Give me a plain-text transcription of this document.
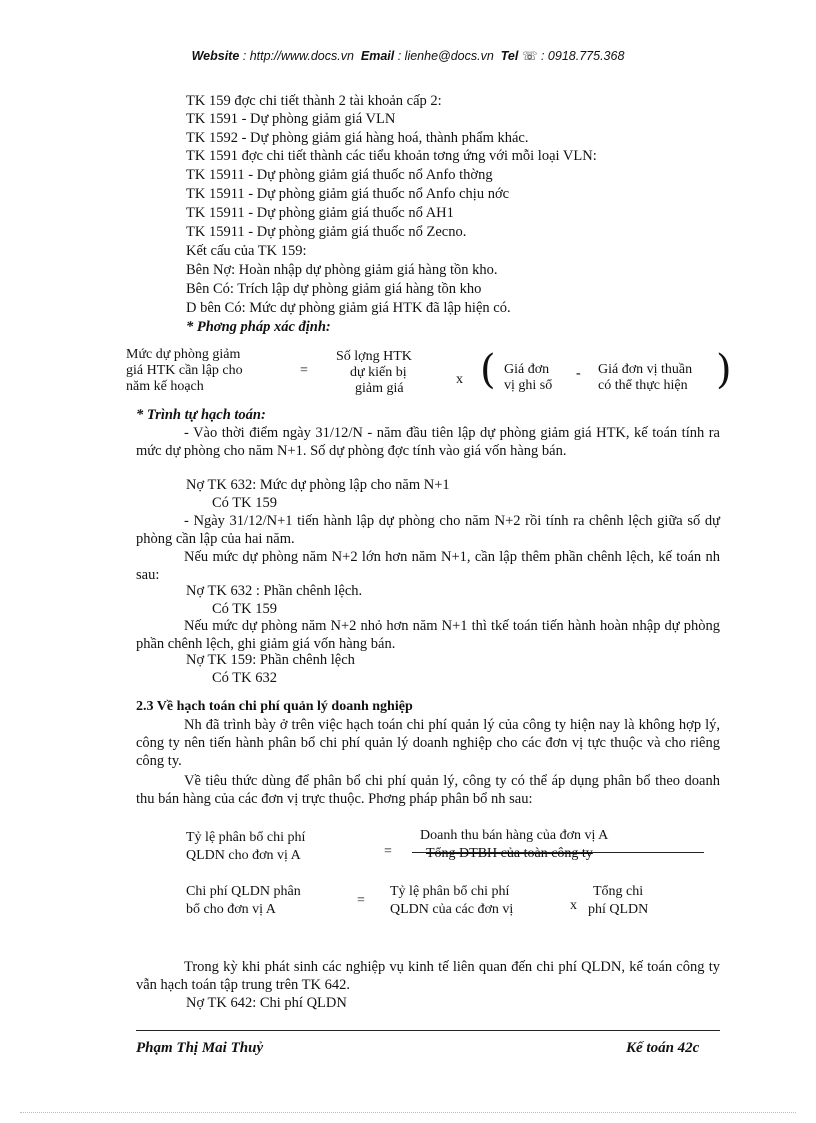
Website : http://www.docs.vn Email : lienhe@docs.vn Tel ☏ : 0918.775.368
TK 159 đợc chi tiết thành 2 tài khoản cấp 2:
TK 1591 - Dự phòng giảm giá VLN
TK 1592 - Dự phòng giảm giá hàng hoá, thành phẩm khác.
TK 1591 đợc chi tiết thành các tiểu khoản tơng ứng với mỗi loại VLN:
TK 15911 - Dự phòng giảm giá thuốc nổ Anfo thờng
TK 15911 - Dự phòng giảm giá thuốc nổ Anfo chịu nớc
TK 15911 - Dự phòng giảm giá thuốc nổ AH1
TK 15911 - Dự phòng giảm giá thuốc nổ Zecno.
Kết cấu của TK 159:
Bên Nợ: Hoàn nhập dự phòng giảm giá hàng tồn kho.
Bên Có: Trích lập dự phòng giảm giá hàng tồn kho
D bên Có: Mức dự phòng giảm giá HTK đã lập hiện có.
* Phơng pháp xác định:
Mức dự phòng giảm
giá HTK cần lập cho
năm kế hoạch
=
Số lợng HTK
dự kiến bị
giảm giá
x ( Giá đơn
vị ghi sổ
- Giá đơn vị thuần
có thể thực hiện )
* Trình tự hạch toán:
- Vào thời điểm ngày 31/12/N - năm đầu tiên lập dự phòng giảm giá HTK, kế toán tính ra mức dự phòng cho năm N+1. Số dự phòng đợc tính vào giá vốn hàng bán.
Nợ TK 632: Mức dự phòng lập cho năm N+1
Có TK 159
- Ngày 31/12/N+1 tiến hành lập dự phòng cho năm N+2 rồi tính ra chênh lệch giữa số dự phòng cần lập của hai năm.
Nếu mức dự phòng năm N+2 lớn hơn năm N+1, cần lập thêm phần chênh lệch, kế toán nh sau:
Nợ TK 632 : Phần chênh lệch.
Có TK 159
Nếu mức dự phòng năm N+2 nhỏ hơn năm N+1 thì tkế toán tiến hành hoàn nhập dự phòng phần chênh lệch, ghi giảm giá vốn hàng bán.
Nợ TK 159: Phần chênh lệch
Có TK 632
2.3 Về hạch toán chi phí quản lý doanh nghiệp
Nh đã trình bày ở trên việc hạch toán chi phí quản lý của công ty hiện nay là không hợp lý, công ty nên tiến hành phân bổ chi phí quản lý doanh nghiệp cho các đơn vị tực thuộc và cho riêng công ty.
Về tiêu thức dùng để phân bổ chi phí quản lý, công ty có thể áp dụng phân bổ theo doanh thu bán hàng của các đơn vị trực thuộc. Phơng pháp phân bổ nh sau:
Tỷ lệ phân bổ chi phí
QLDN cho đơn vị A	=
Doanh thu bán hàng của đơn vị A
Tổng DTBH của toàn công ty
Chi phí QLDN phân
bổ cho đơn vị A
=
Tỷ lệ phân bổ chi phí
QLDN của các đơn vị	x
Tổng chi
phí QLDN
Trong kỳ khi phát sinh các nghiệp vụ kinh tế liên quan đến chi phí QLDN, kế toán công ty vẫn hạch toán tập trung trên TK 642.
Nợ TK 642: Chi phí QLDN
Phạm Thị Mai Thuỷ	Kế toán 42c
